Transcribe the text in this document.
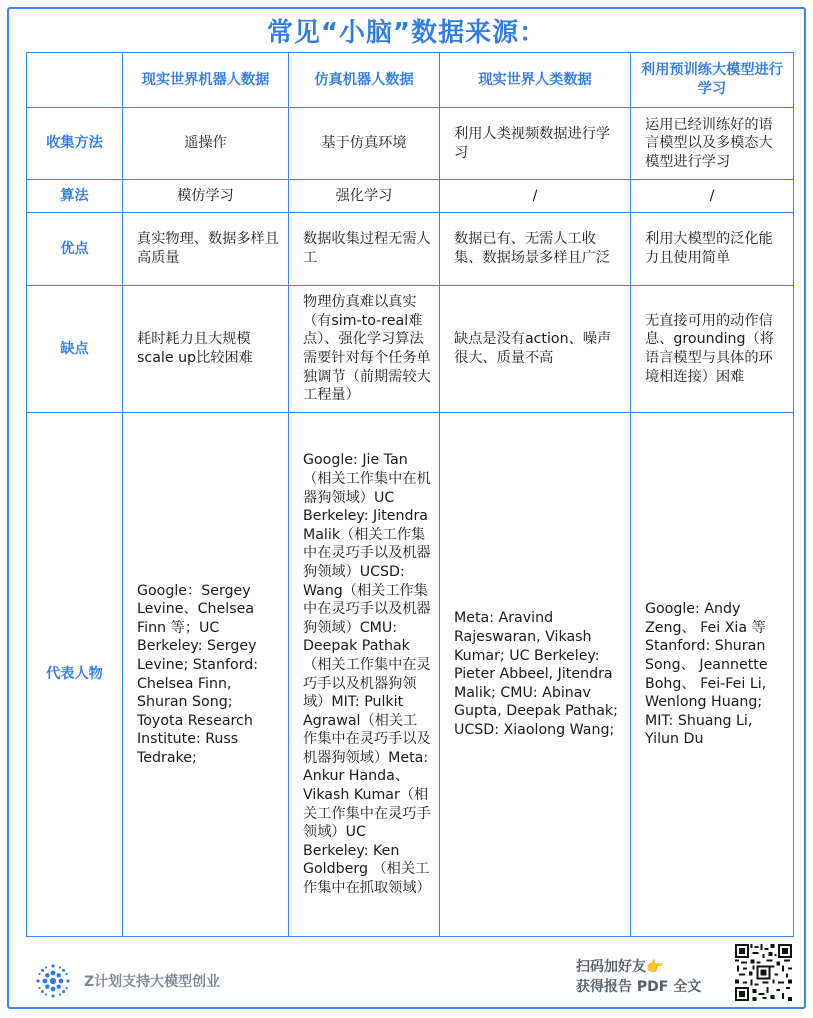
常见“小脑”数据来源：
	现实世界机器人数据	仿真机器人数据	现实世界人类数据	利用预训练大模型进行学习
收集方法	遥操作	基于仿真环境	利用人类视频数据进行学习	运用已经训练好的语言模型以及多模态大模型进行学习
算法	模仿学习	强化学习	/	/
优点	真实物理、数据多样且高质量	数据收集过程无需人工	数据已有、无需人工收集、数据场景多样且广泛	利用大模型的泛化能力且使用简单
缺点	耗时耗力且大规模scale up比较困难	物理仿真难以真实（有sim-to-real难点）、强化学习算法需要针对每个任务单独调节（前期需较大工程量）	缺点是没有action、噪声很大、质量不高	无直接可用的动作信息、grounding（将语言模型与具体的环境相连接）困难
代表人物	Google：Sergey Levine、Chelsea Finn 等；UC Berkeley: Sergey Levine; Stanford: Chelsea Finn, Shuran Song; Toyota Research Institute: Russ Tedrake;	Google: Jie Tan（相关工作集中在机器狗领域）UC Berkeley: Jitendra Malik（相关工作集中在灵巧手以及机器狗领域）UCSD: Wang（相关工作集中在灵巧手以及机器狗领域）CMU: Deepak Pathak（相关工作集中在灵巧手以及机器狗领域）MIT: Pulkit Agrawal（相关工作集中在灵巧手以及机器狗领域）Meta: Ankur Handa、Vikash Kumar（相关工作集中在灵巧手领域）UC Berkeley: Ken Goldberg （相关工作集中在抓取领域）	Meta: Aravind Rajeswaran, Vikash Kumar; UC Berkeley: Pieter Abbeel, Jitendra Malik; CMU: Abinav Gupta, Deepak Pathak; UCSD: Xiaolong Wang;	Google: Andy Zeng、 Fei Xia 等 Stanford: Shuran Song、 Jeannette Bohg、 Fei-Fei Li, Wenlong Huang; MIT: Shuang Li, Yilun Du
Z计划支持大模型创业
扫码加好友👉
获得报告 PDF 全文
